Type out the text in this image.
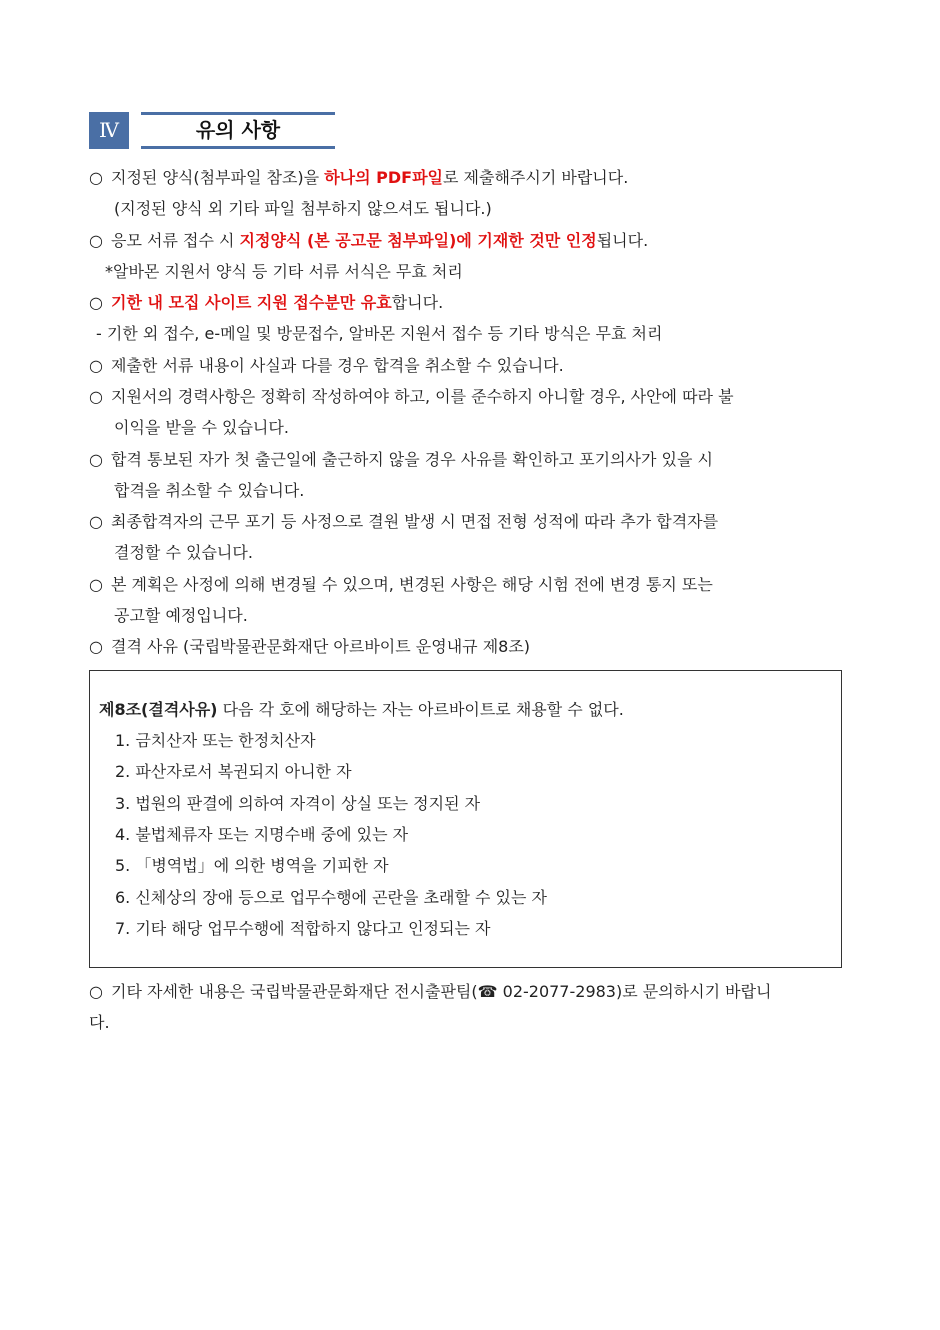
Ⅳ	유의 사항
○ 지정된 양식(첨부파일 참조)을 하나의 PDF파일로 제출해주시기 바랍니다.
(지정된 양식 외 기타 파일 첨부하지 않으셔도 됩니다.)
○ 응모 서류 접수 시 지정양식 (본 공고문 첨부파일)에 기재한 것만 인정됩니다.
*알바몬 지원서 양식 등 기타 서류 서식은 무효 처리
○ 기한 내 모집 사이트 지원 접수분만 유효합니다.
- 기한 외 접수, e-메일 및 방문접수, 알바몬 지원서 접수 등 기타 방식은 무효 처리
○ 제출한 서류 내용이 사실과 다를 경우 합격을 취소할 수 있습니다.
○ 지원서의 경력사항은 정확히 작성하여야 하고, 이를 준수하지 아니할 경우, 사안에 따라 불
이익을 받을 수 있습니다.
○ 합격 통보된 자가 첫 출근일에 출근하지 않을 경우 사유를 확인하고 포기의사가 있을 시
합격을 취소할 수 있습니다.
○ 최종합격자의 근무 포기 등 사정으로 결원 발생 시 면접 전형 성적에 따라 추가 합격자를
결정할 수 있습니다.
○ 본 계획은 사정에 의해 변경될 수 있으며, 변경된 사항은 해당 시험 전에 변경 통지 또는
공고할 예정입니다.
○ 결격 사유 (국립박물관문화재단 아르바이트 운영내규 제8조)
제8조(결격사유) 다음 각 호에 해당하는 자는 아르바이트로 채용할 수 없다.
1. 금치산자 또는 한정치산자
2. 파산자로서 복권되지 아니한 자
3. 법원의 판결에 의하여 자격이 상실 또는 정지된 자
4. 불법체류자 또는 지명수배 중에 있는 자
5. 「병역법」에 의한 병역을 기피한 자
6. 신체상의 장애 등으로 업무수행에 곤란을 초래할 수 있는 자
7. 기타 해당 업무수행에 적합하지 않다고 인정되는 자
○ 기타 자세한 내용은 국립박물관문화재단 전시출판팀(☎ 02-2077-2983)로 문의하시기 바랍니
다.
